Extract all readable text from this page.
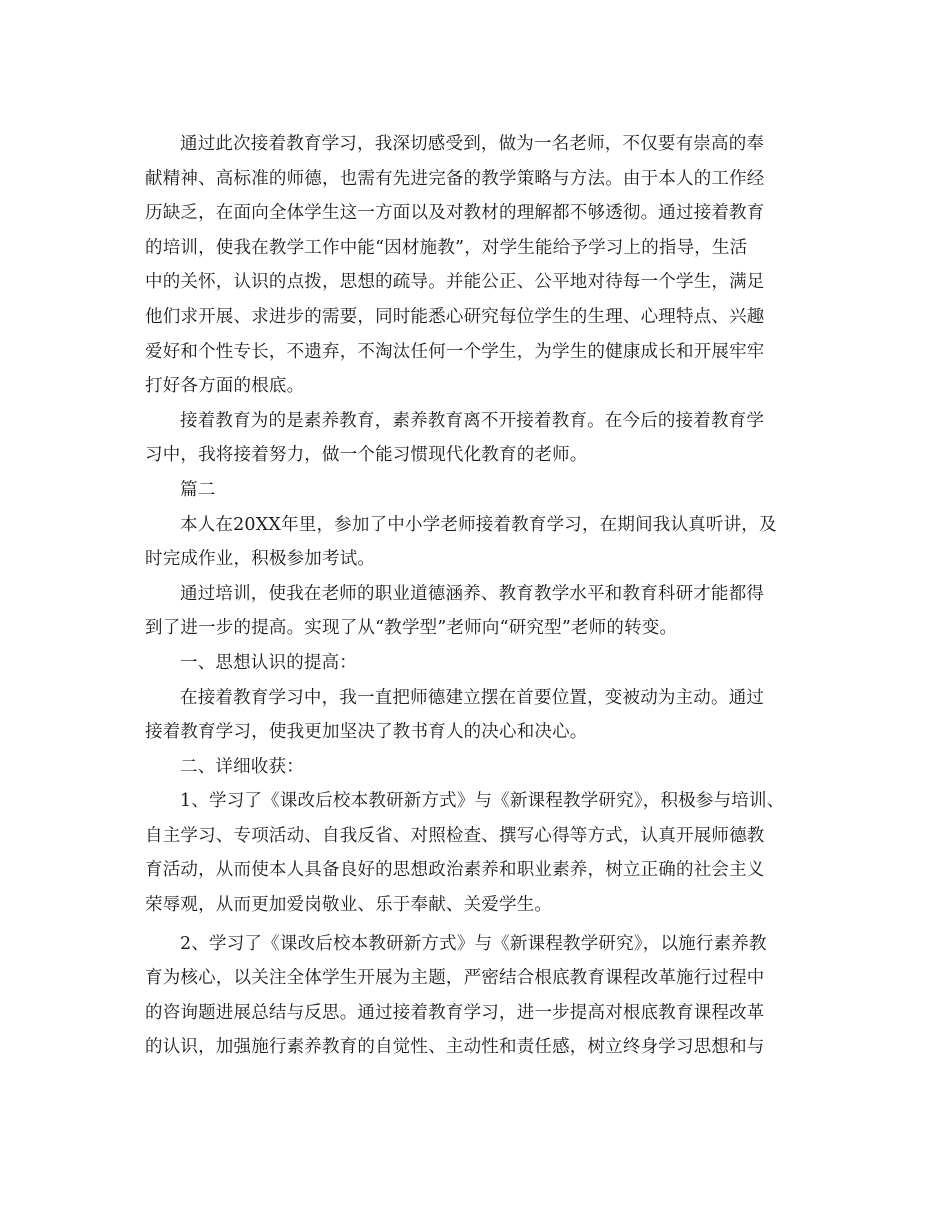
通过此次接着教育学习，我深切感受到，做为一名老师，不仅要有崇高的奉
献精神、高标准的师德，也需有先进完备的教学策略与方法。由于本人的工作经
历缺乏，在面向全体学生这一方面以及对教材的理解都不够透彻。通过接着教育
的培训，使我在教学工作中能“因材施教”，对学生能给予学习上的指导，生活
中的关怀，认识的点拨，思想的疏导。并能公正、公平地对待每一个学生，满足
他们求开展、求进步的需要，同时能悉心研究每位学生的生理、心理特点、兴趣
爱好和个性专长，不遗弃，不淘汰任何一个学生，为学生的健康成长和开展牢牢
打好各方面的根底。
接着教育为的是素养教育，素养教育离不开接着教育。在今后的接着教育学
习中，我将接着努力，做一个能习惯现代化教育的老师。
篇二
本人在20XX年里，参加了中小学老师接着教育学习，在期间我认真听讲，及
时完成作业，积极参加考试。
通过培训，使我在老师的职业道德涵养、教育教学水平和教育科研才能都得
到了进一步的提高。实现了从“教学型”老师向“研究型”老师的转变。
一、思想认识的提高：
在接着教育学习中，我一直把师德建立摆在首要位置，变被动为主动。通过
接着教育学习，使我更加坚决了教书育人的决心和决心。
二、详细收获：
1、学习了《课改后校本教研新方式》与《新课程教学研究》，积极参与培训、
自主学习、专项活动、自我反省、对照检查、撰写心得等方式，认真开展师德教
育活动，从而使本人具备良好的思想政治素养和职业素养，树立正确的社会主义
荣辱观，从而更加爱岗敬业、乐于奉献、关爱学生。
2、学习了《课改后校本教研新方式》与《新课程教学研究》，以施行素养教
育为核心，以关注全体学生开展为主题，严密结合根底教育课程改革施行过程中
的咨询题进展总结与反思。通过接着教育学习，进一步提高对根底教育课程改革
的认识，加强施行素养教育的自觉性、主动性和责任感，树立终身学习思想和与
